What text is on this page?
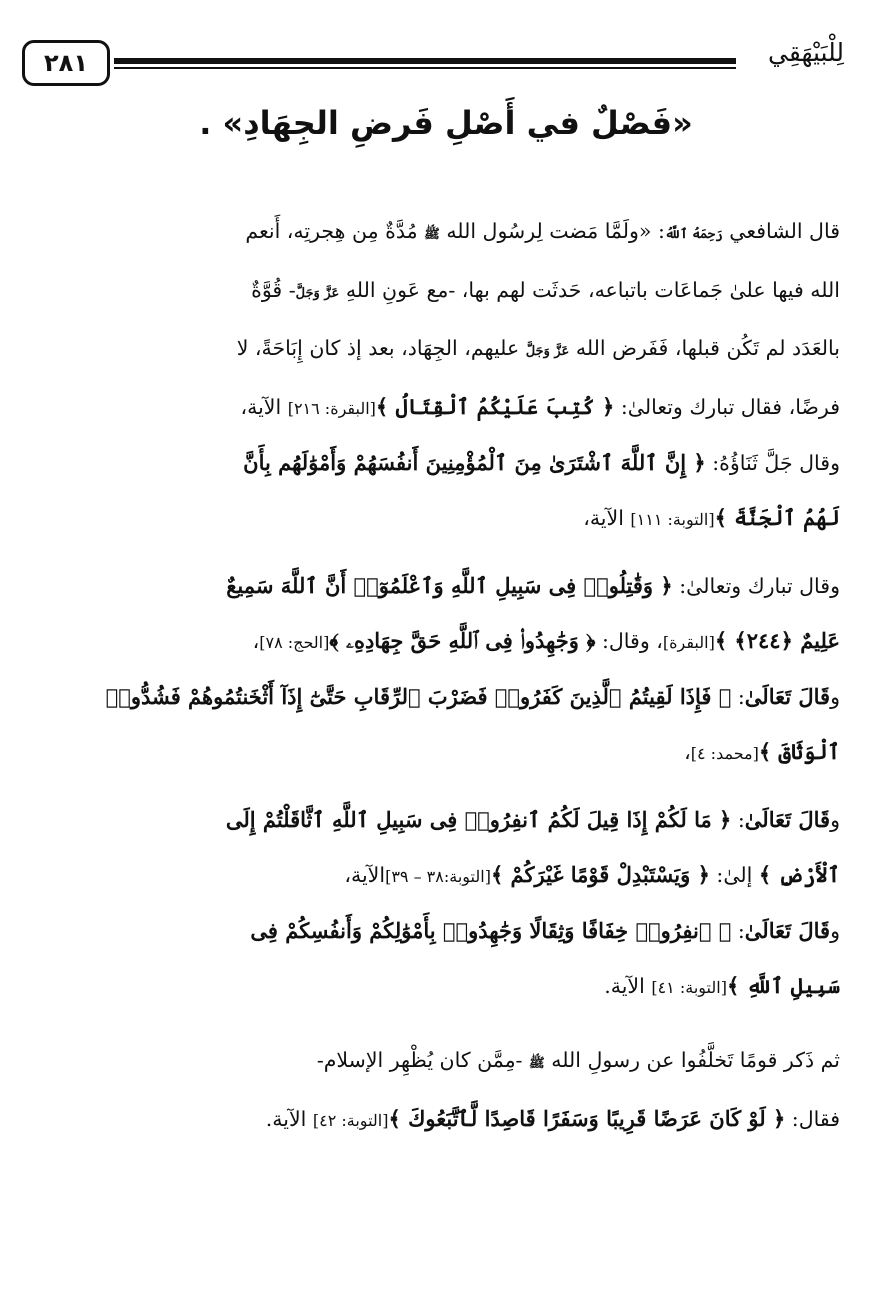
لِلْبَيْهَقِي
٢٨١
«فَصْلٌ في أَصْلِ فَرضِ الجِهَادِ» .

قال الشافعي رَحِمَهُ ٱللَّهُ: «ولَمَّا مَضت لِرسُول الله ﷺ مُدَّةٌ مِن هِجرتِه، أَنعم

الله فيها علىٰ جَماعَات باتباعه، حَدثَت لهم بها، -مع عَونِ اللهِ عَزَّ وَجَلَّ- قُوَّةٌ

بالعَدَد لم تَكُن قبلها، فَفَرض الله عَزَّ وَجَلَّ عليهم، الجِهَاد، بعد إذ كان إِبَاحَةً، لا

فرضًا، فقال تبارك وتعالىٰ: ﴿ كُتِبَ عَلَيْكُمُ ٱلْقِتَالُ ﴾[البقرة: ٢١٦] الآية،

وقال جَلَّ ثَنَاؤُهُ: ﴿ إِنَّ ٱللَّهَ ٱشْتَرَىٰ مِنَ ٱلْمُؤْمِنِينَ أَنفُسَهُمْ وَأَمْوَٰلَهُم بِأَنَّ

لَهُمُ ٱلْجَنَّةَ ﴾[التوبة: ١١١] الآية،

وقال تبارك وتعالىٰ: ﴿ وَقَٰتِلُوا۟ فِى سَبِيلِ ٱللَّهِ وَٱعْلَمُوٓا۟ أَنَّ ٱللَّهَ سَمِيعٌ

عَلِيمٌ ﴿٢٤٤﴾ ﴾[البقرة]، وقال: ﴿ وَجَٰهِدُوا۟ فِى ٱللَّهِ حَقَّ جِهَادِهِۦ ﴾[الحج: ٧٨]،

وقَالَ تَعَالَىٰ: ﴿ فَإِذَا لَقِيتُمُ ٱلَّذِينَ كَفَرُوا۟ فَضَرْبَ ٱلرِّقَابِ حَتَّىٰٓ إِذَآ أَثْخَنتُمُوهُمْ فَشُدُّوا۟

ٱلْوَثَاقَ ﴾[محمد: ٤]،

وقَالَ تَعَالَىٰ: ﴿ مَا لَكُمْ إِذَا قِيلَ لَكُمُ ٱنفِرُوا۟ فِى سَبِيلِ ٱللَّهِ ٱثَّاقَلْتُمْ إِلَى

ٱلْأَرْضِ ﴾ إلىٰ: ﴿ وَيَسْتَبْدِلْ قَوْمًا غَيْرَكُمْ ﴾[التوبة:٣٨ – ٣٩]الآية،

وقَالَ تَعَالَىٰ: ﴿ ٱنفِرُوا۟ خِفَافًا وَثِقَالًا وَجَٰهِدُوا۟ بِأَمْوَٰلِكُمْ وَأَنفُسِكُمْ فِى

سَبِيلِ ٱللَّهِ ﴾[التوبة: ٤١] الآية.

ثم ذَكر قومًا تَخلَّفُوا عن رسولِ الله ﷺ -مِمَّن كان يُظْهِر الإسلام-

فقال: ﴿ لَوْ كَانَ عَرَضًا قَرِيبًا وَسَفَرًا قَاصِدًا لَّٱتَّبَعُوكَ ﴾[التوبة: ٤٢] الآية.
